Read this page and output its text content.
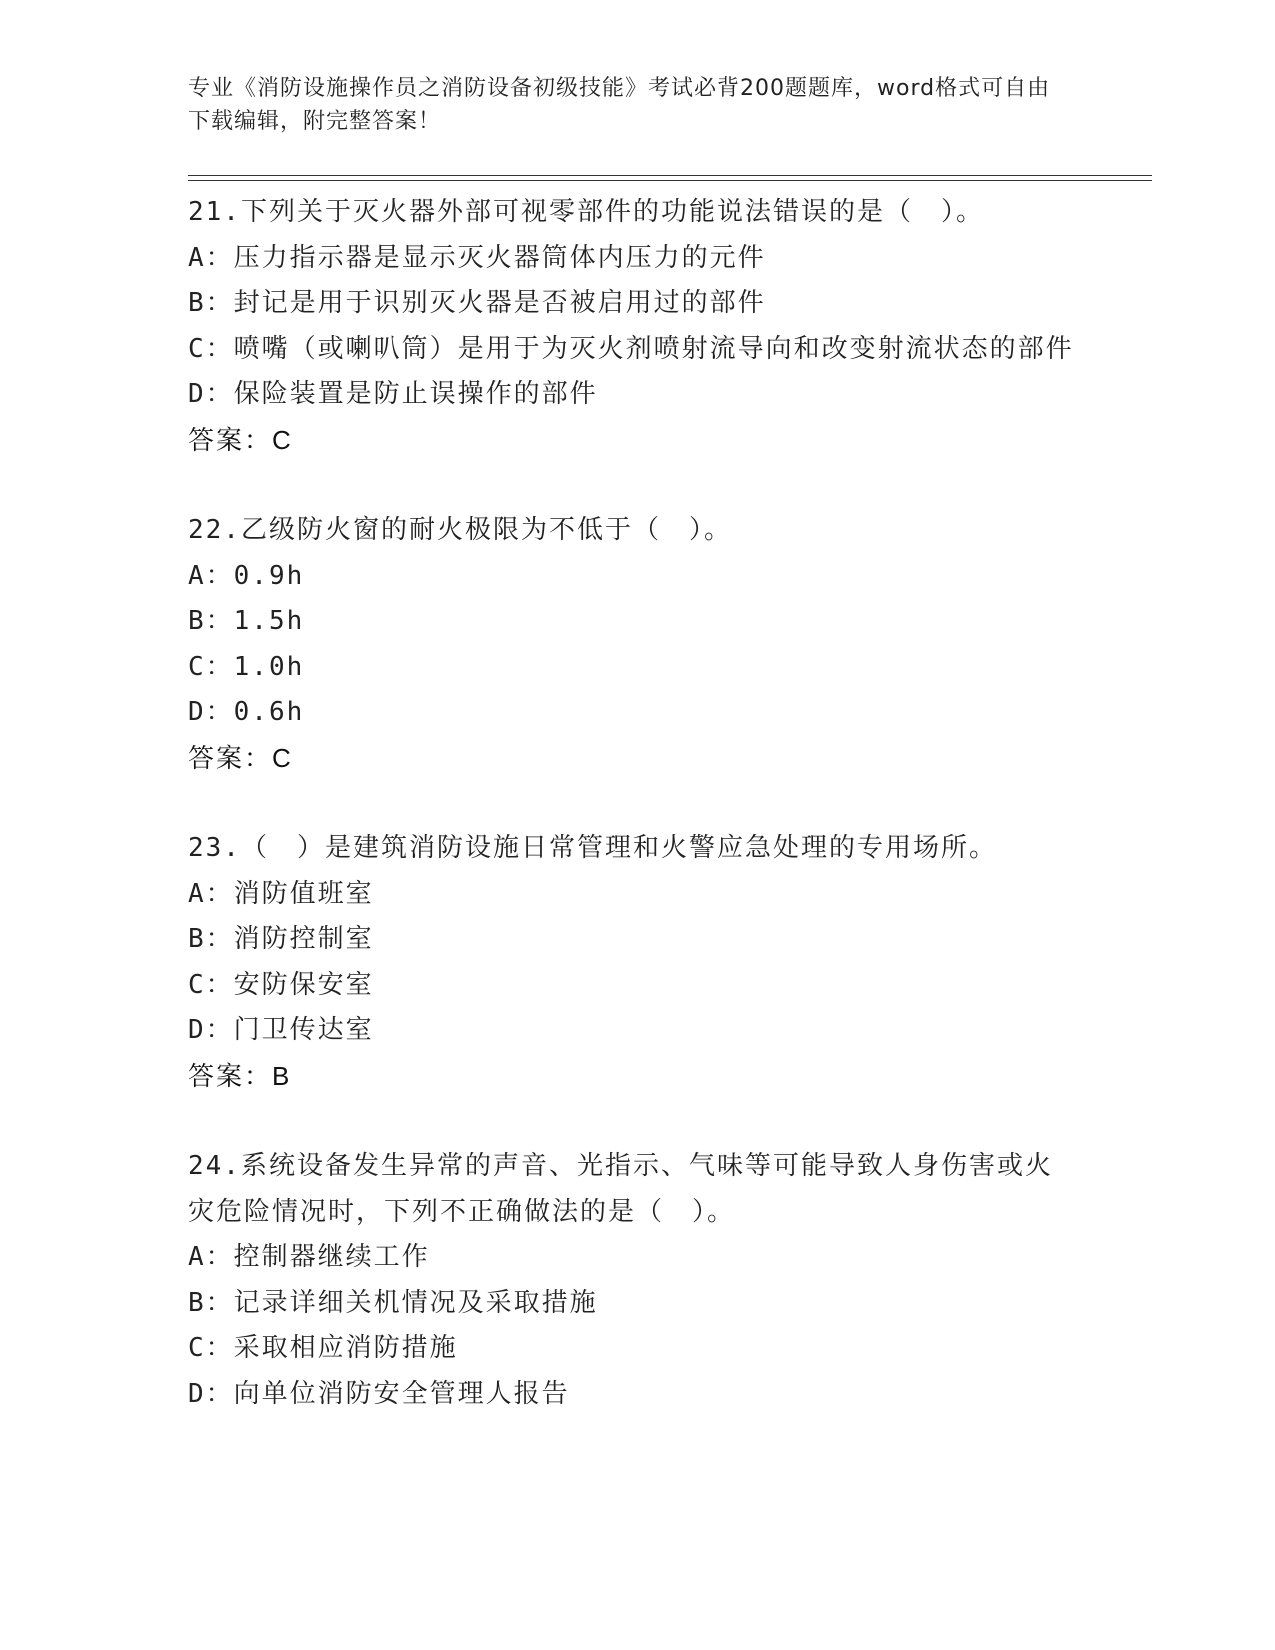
专业《消防设施操作员之消防设备初级技能》考试必背200题题库，word格式可自由下载编辑，附完整答案！
21.下列关于灭火器外部可视零部件的功能说法错误的是（　）。
A：压力指示器是显示灭火器筒体内压力的元件
B：封记是用于识别灭火器是否被启用过的部件
C：喷嘴（或喇叭筒）是用于为灭火剂喷射流导向和改变射流状态的部件
D：保险装置是防止误操作的部件
答案：C
22.乙级防火窗的耐火极限为不低于（　）。
A：0.9h
B：1.5h
C：1.0h
D：0.6h
答案：C
23.（　）是建筑消防设施日常管理和火警应急处理的专用场所。
A：消防值班室
B：消防控制室
C：安防保安室
D：门卫传达室
答案：B
24.系统设备发生异常的声音、光指示、气味等可能导致人身伤害或火灾危险情况时，下列不正确做法的是（　）。
A：控制器继续工作
B：记录详细关机情况及采取措施
C：采取相应消防措施
D：向单位消防安全管理人报告
